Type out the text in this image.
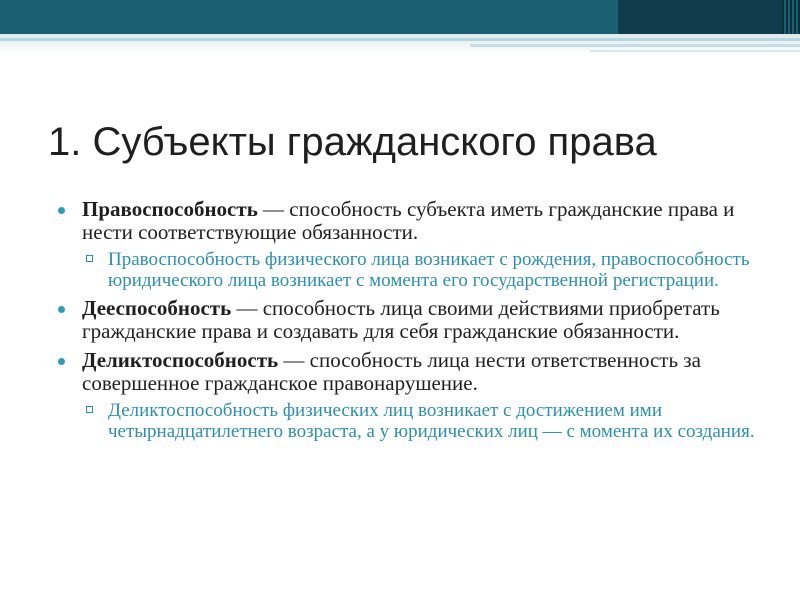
1. Субъекты гражданского права
Правоспособность — способность субъекта иметь гражданские права и нести соответствующие обязанности.
Правоспособность физического лица возникает с рождения, правоспособность юридического лица возникает с момента его государственной регистрации.
Дееспособность — способность лица своими действиями приобретать гражданские права и создавать для себя гражданские обязанности.
Деликтоспособность — способность лица нести ответственность за совершенное гражданское правонарушение.
Деликтоспособность физических лиц возникает с достижением ими четырнадцатилетнего возраста, а у юридических лиц — с момента их создания.
